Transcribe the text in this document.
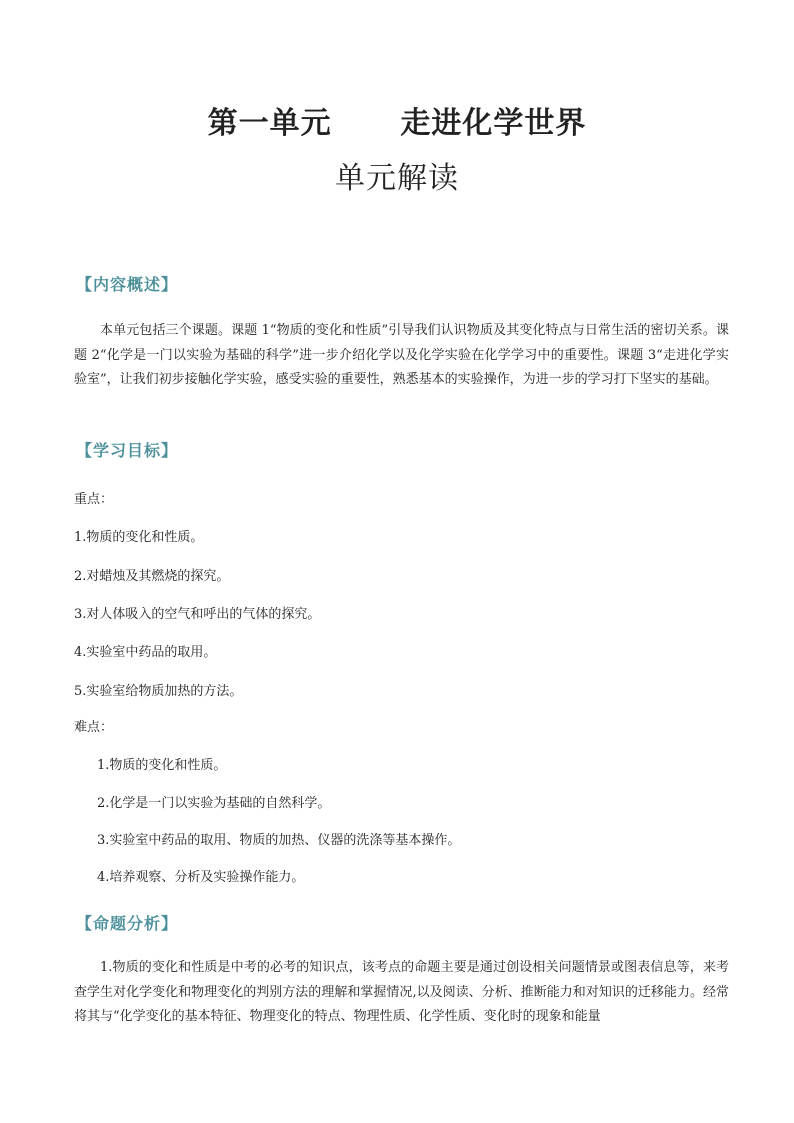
第一单元      走进化学世界
单元解读
【内容概述】
本单元包括三个课题。课题 1“物质的变化和性质”引导我们认识物质及其变化特点与日常生活的密切关系。课题 2“化学是一门以实验为基础的科学”进一步介绍化学以及化学实验在化学学习中的重要性。课题 3“走进化学实验室”，让我们初步接触化学实验，感受实验的重要性，熟悉基本的实验操作，为进一步的学习打下坚实的基础。
【学习目标】
重点：
1.物质的变化和性质。
2.对蜡烛及其燃烧的探究。
3.对人体吸入的空气和呼出的气体的探究。
4.实验室中药品的取用。
5.实验室给物质加热的方法。
难点：
1.物质的变化和性质。
2.化学是一门以实验为基础的自然科学。
3.实验室中药品的取用、物质的加热、仪器的洗涤等基本操作。
4.培养观察、分析及实验操作能力。
【命题分析】
1.物质的变化和性质是中考的必考的知识点，该考点的命题主要是通过创设相关问题情景或图表信息等，来考查学生对化学变化和物理变化的判别方法的理解和掌握情况,以及阅读、分析、推断能力和对知识的迁移能力。经常将其与“化学变化的基本特征、物理变化的特点、物理性质、化学性质、变化时的现象和能量
